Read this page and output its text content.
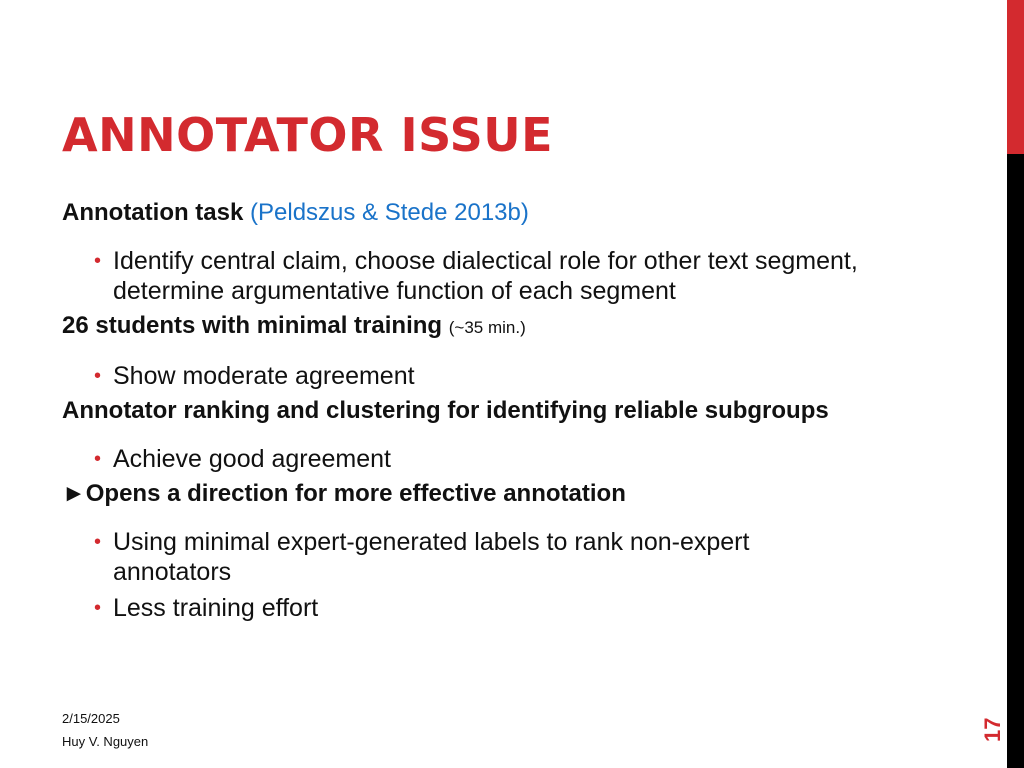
ANNOTATOR ISSUE

Annotation task (Peldszus & Stede 2013b)

• Identify central claim, choose dialectical role for other text segment, determine argumentative function of each segment

26 students with minimal training (~35 min.)

• Show moderate agreement

Annotator ranking and clustering for identifying reliable subgroups

• Achieve good agreement

►Opens a direction for more effective annotation

• Using minimal expert-generated labels to rank non-expert annotators
• Less training effort
2/15/2025
Huy V. Nguyen	17
